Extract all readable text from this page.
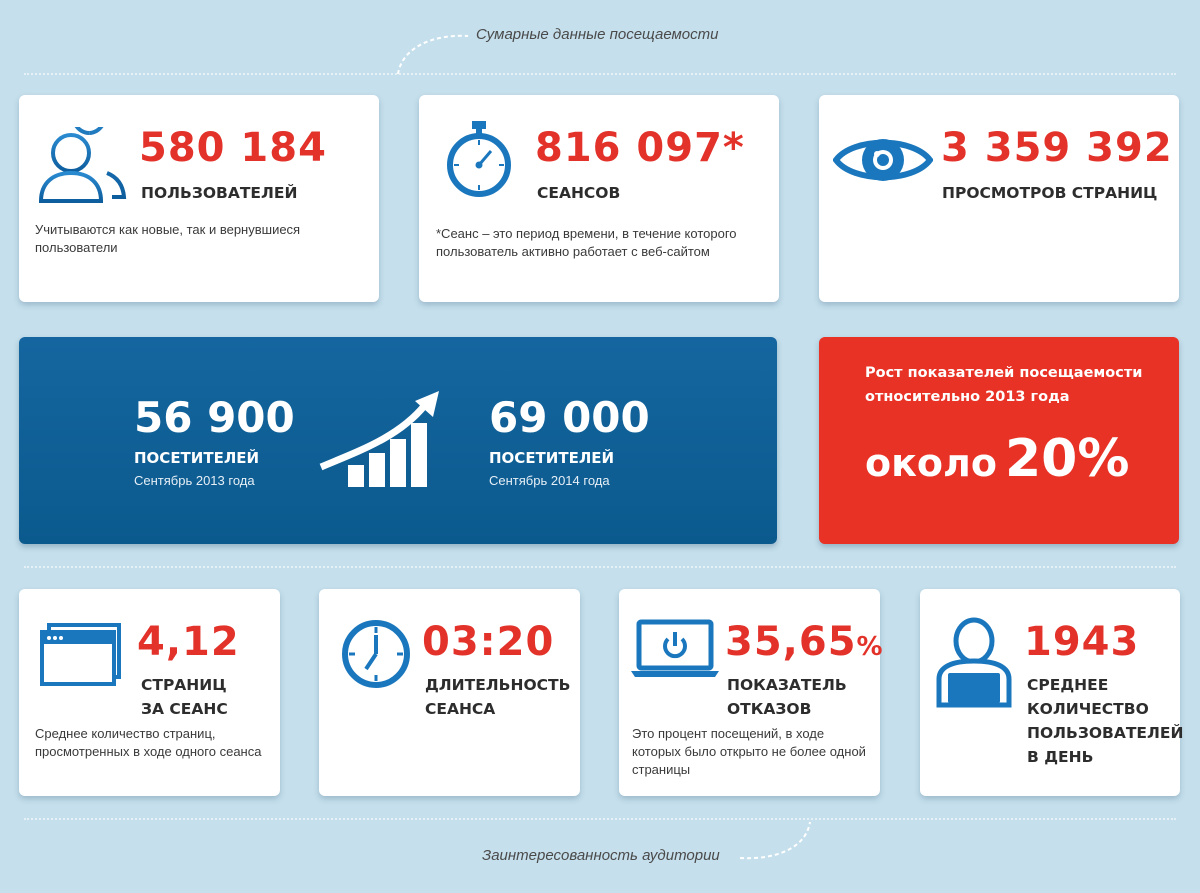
Сумарные данные посещаемости
580 184
ПОЛЬЗОВАТЕЛЕЙ
Учитываются как новые, так и вернувшиеся пользователи
816 097*
СЕАНСОВ
*Сеанс – это период времени, в течение которого пользователь активно работает с веб-сайтом
3 359 392
ПРОСМОТРОВ СТРАНИЦ
56 900
ПОСЕТИТЕЛЕЙ
Сентябрь 2013 года
69 000
ПОСЕТИТЕЛЕЙ
Сентябрь 2014 года
Рост показателей посещаемости относительно 2013 года
около 20%
4,12
СТРАНИЦ
ЗА СЕАНС
Среднее количество страниц, просмотренных в ходе одного сеанса
03:20
ДЛИТЕЛЬНОСТЬ
СЕАНСА
35,65%
ПОКАЗАТЕЛЬ
ОТКАЗОВ
Это процент посещений, в ходе которых было открыто не более одной страницы
1943
СРЕДНЕЕ
КОЛИЧЕСТВО
ПОЛЬЗОВАТЕЛЕЙ
В ДЕНЬ
Заинтересованность аудитории
